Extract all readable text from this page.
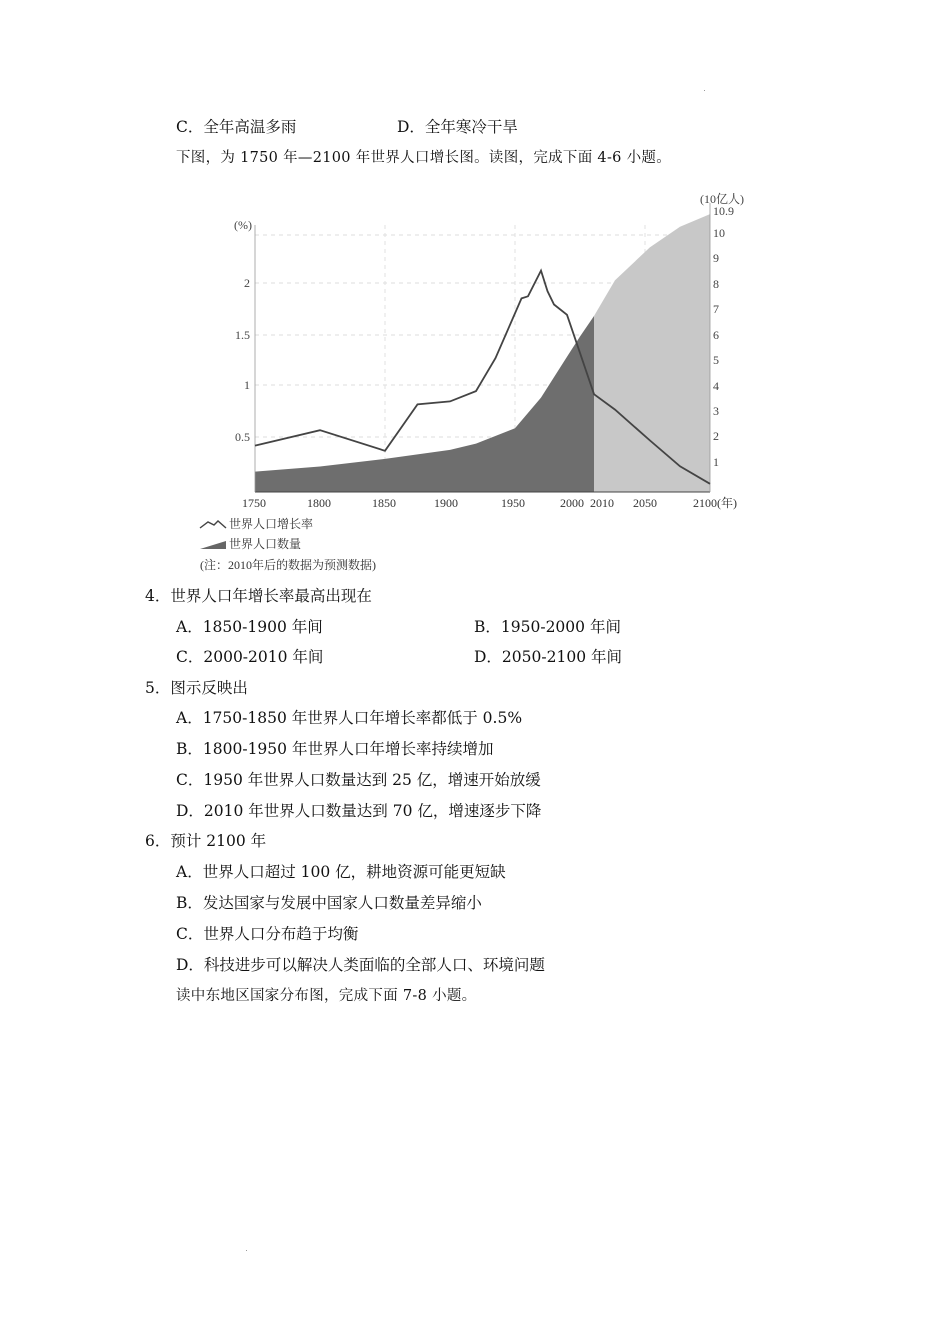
C．全年高温多雨	D．全年寒冷干旱
下图，为 1750 年—2100 年世界人口增长图。读图，完成下面 4-6 小题。
(%)
0.5
1
1.5
2
(10亿人)
1
2
3
4
5
6
7
8
9
10
10.9
1750	1800	1850	1900	1950	2000 2010 2050	2100(年)
世界人口增长率
世界人口数量
(注：2010年后的数据为预测数据)
4．世界人口年增长率最高出现在
A．1850-1900 年间	B．1950-2000 年间
C．2000-2010 年间	D．2050-2100 年间
5．图示反映出
A．1750-1850 年世界人口年增长率都低于 0.5%
B．1800-1950 年世界人口年增长率持续增加
C．1950 年世界人口数量达到 25 亿，增速开始放缓
D．2010 年世界人口数量达到 70 亿，增速逐步下降
6．预计 2100 年
A．世界人口超过 100 亿，耕地资源可能更短缺
B．发达国家与发展中国家人口数量差异缩小
C．世界人口分布趋于均衡
D．科技进步可以解决人类面临的全部人口、环境问题
读中东地区国家分布图，完成下面 7-8 小题。
